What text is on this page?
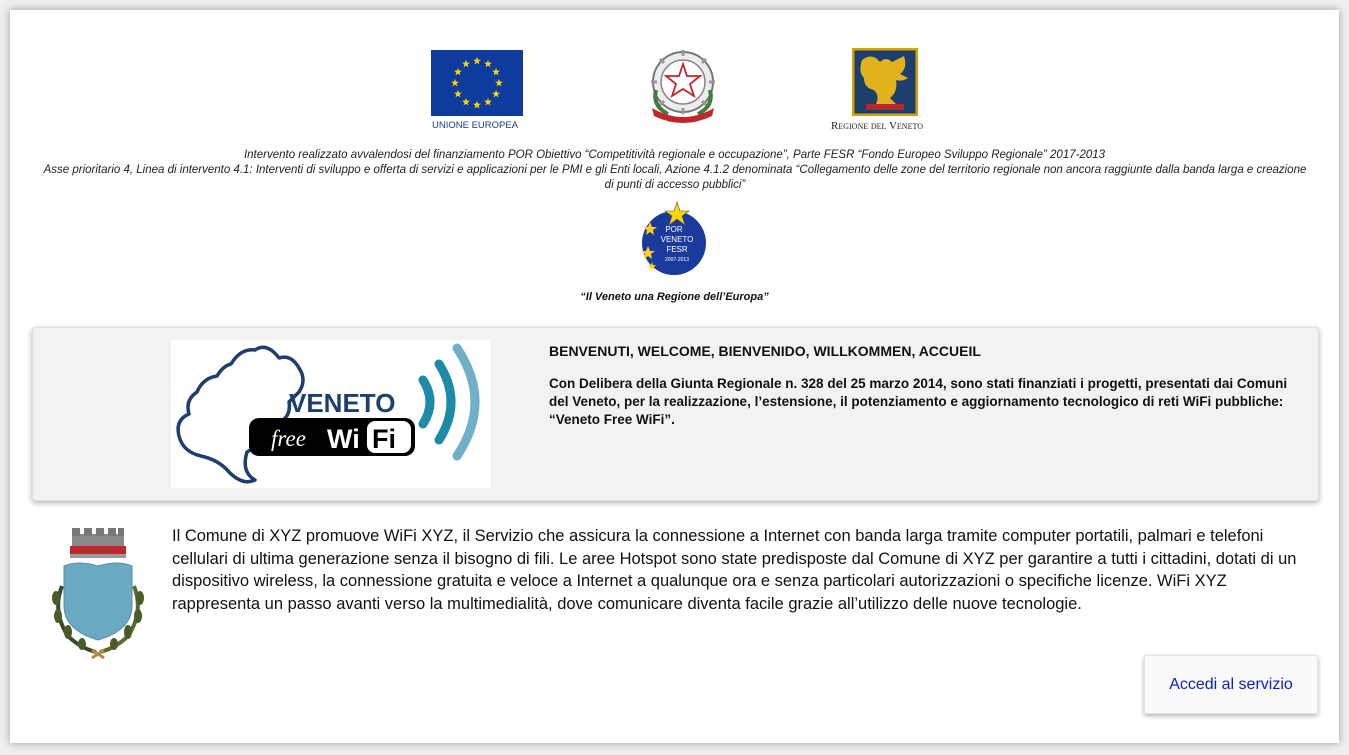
UNIONE EUROPEA	Regione del Veneto
Intervento realizzato avvalendosi del finanziamento POR Obiettivo “Competitività regionale e occupazione”, Parte FESR “Fondo Europeo Sviluppo Regionale” 2017-2013
Asse prioritario 4, Linea di intervento 4.1: Interventi di sviluppo e offerta di servizi e applicazioni per le PMI e gli Enti locali, Azione 4.1.2 denominata “Collegamento delle zone del territorio regionale non ancora raggiunte dalla banda larga e creazione di punti di accesso pubblici”
POR
VENETO
FESR
2007-2013
“Il Veneto una Regione dell’Europa”
VENETO
free Wi Fi
BENVENUTI, WELCOME, BIENVENIDO, WILLKOMMEN, ACCUEIL
Con Delibera della Giunta Regionale n. 328 del 25 marzo 2014, sono stati finanziati i progetti, presentati dai Comuni del Veneto, per la realizzazione, l’estensione, il potenziamento e aggiornamento tecnologico di reti WiFi pubbliche: “Veneto Free WiFi”.
Il Comune di XYZ promuove WiFi XYZ, il Servizio che assicura la connessione a Internet con banda larga tramite computer portatili, palmari e telefoni cellulari di ultima generazione senza il bisogno di fili. Le aree Hotspot sono state predisposte dal Comune di XYZ per garantire a tutti i cittadini, dotati di un dispositivo wireless, la connessione gratuita e veloce a Internet a qualunque ora e senza particolari autorizzazioni o specifiche licenze. WiFi XYZ rappresenta un passo avanti verso la multimedialità, dove comunicare diventa facile grazie all’utilizzo delle nuove tecnologie.
Accedi al servizio
